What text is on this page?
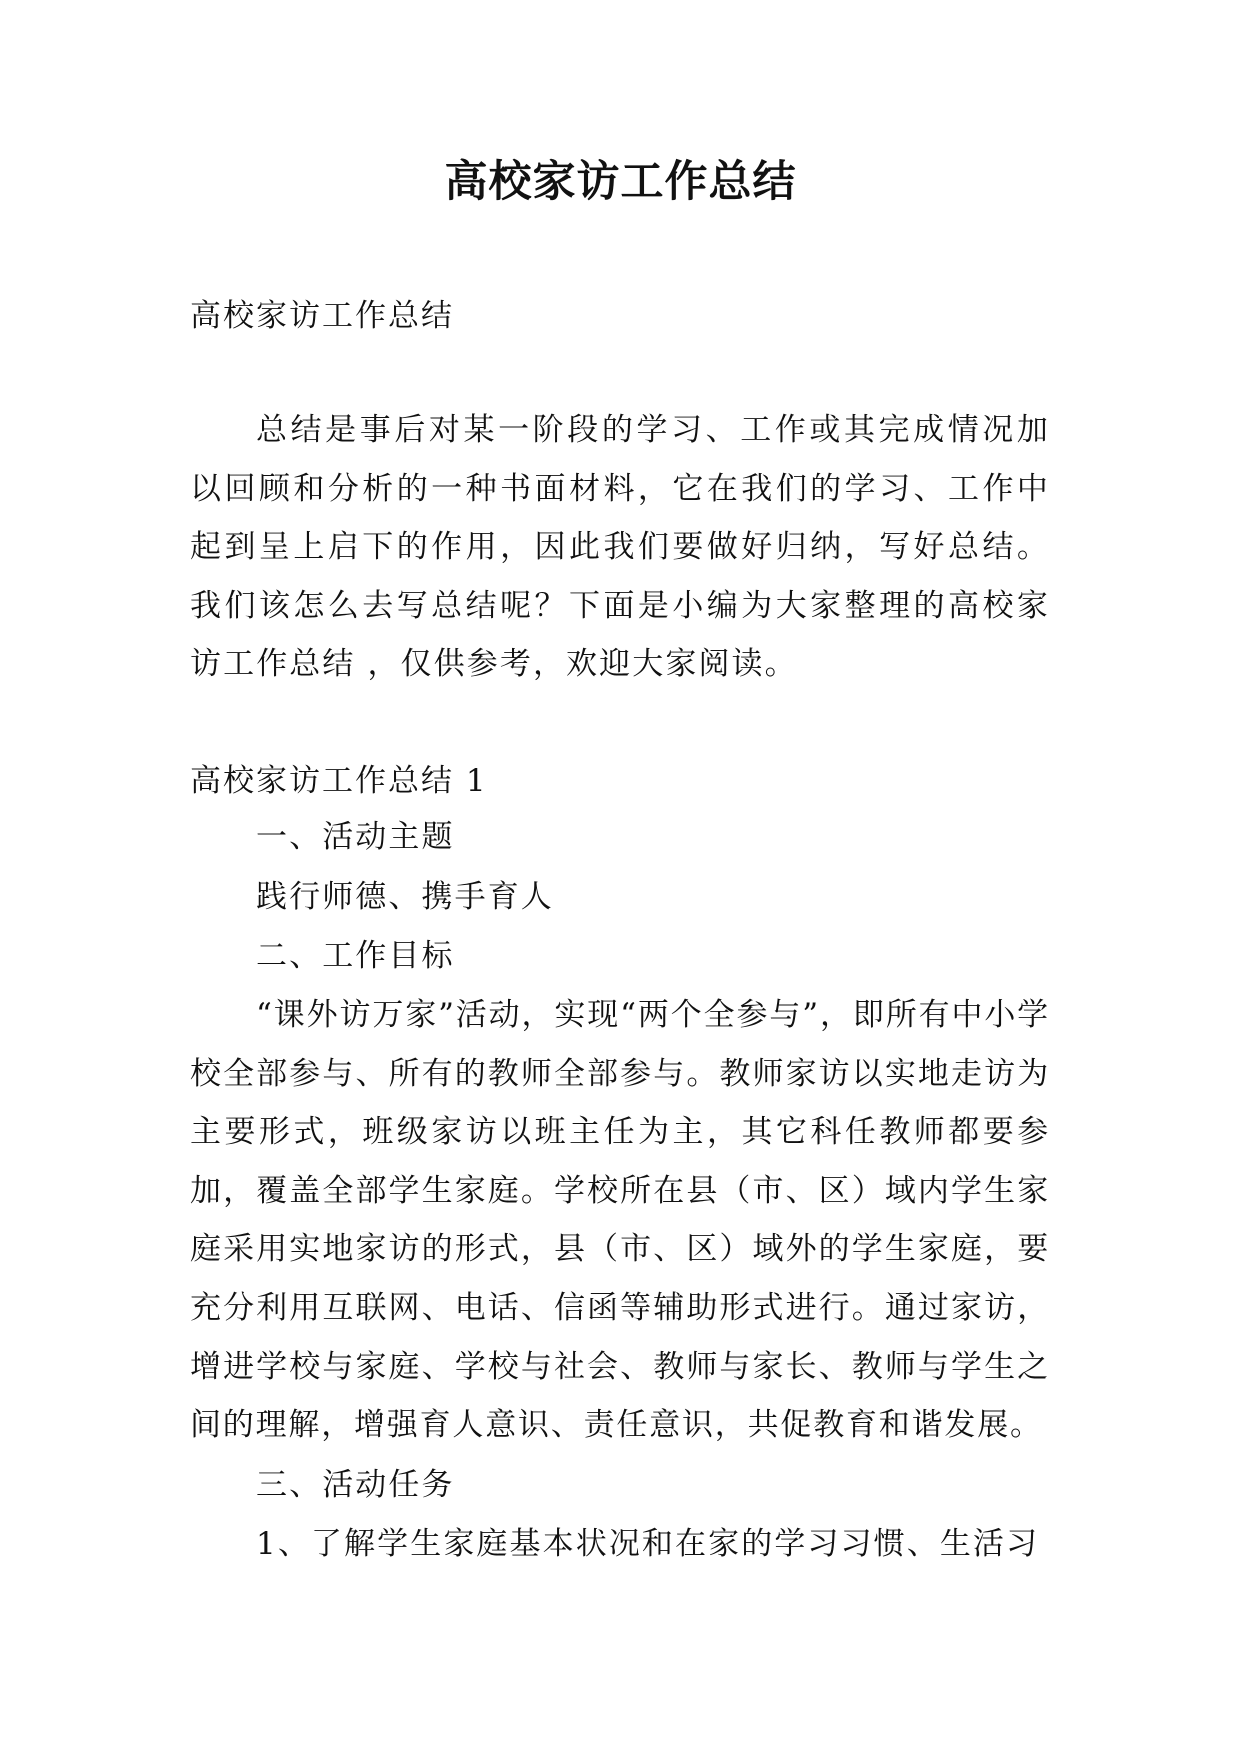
高校家访工作总结
高校家访工作总结

总结是事后对某一阶段的学习、工作或其完成情况加以回顾和分析的一种书面材料，它在我们的学习、工作中起到呈上启下的作用，因此我们要做好归纳，写好总结。我们该怎么去写总结呢？下面是小编为大家整理的高校家访工作总结 ，仅供参考，欢迎大家阅读。

高校家访工作总结 1

一、活动主题

践行师德、携手育人

二、工作目标

“课外访万家”活动，实现“两个全参与”，即所有中小学校全部参与、所有的教师全部参与。教师家访以实地走访为主要形式，班级家访以班主任为主，其它科任教师都要参加，覆盖全部学生家庭。学校所在县（市、区）域内学生家庭采用实地家访的形式，县（市、区）域外的学生家庭，要充分利用互联网、电话、信函等辅助形式进行。通过家访，增进学校与家庭、学校与社会、教师与家长、教师与学生之间的理解，增强育人意识、责任意识，共促教育和谐发展。

三、活动任务

1、了解学生家庭基本状况和在家的学习习惯、生活习
